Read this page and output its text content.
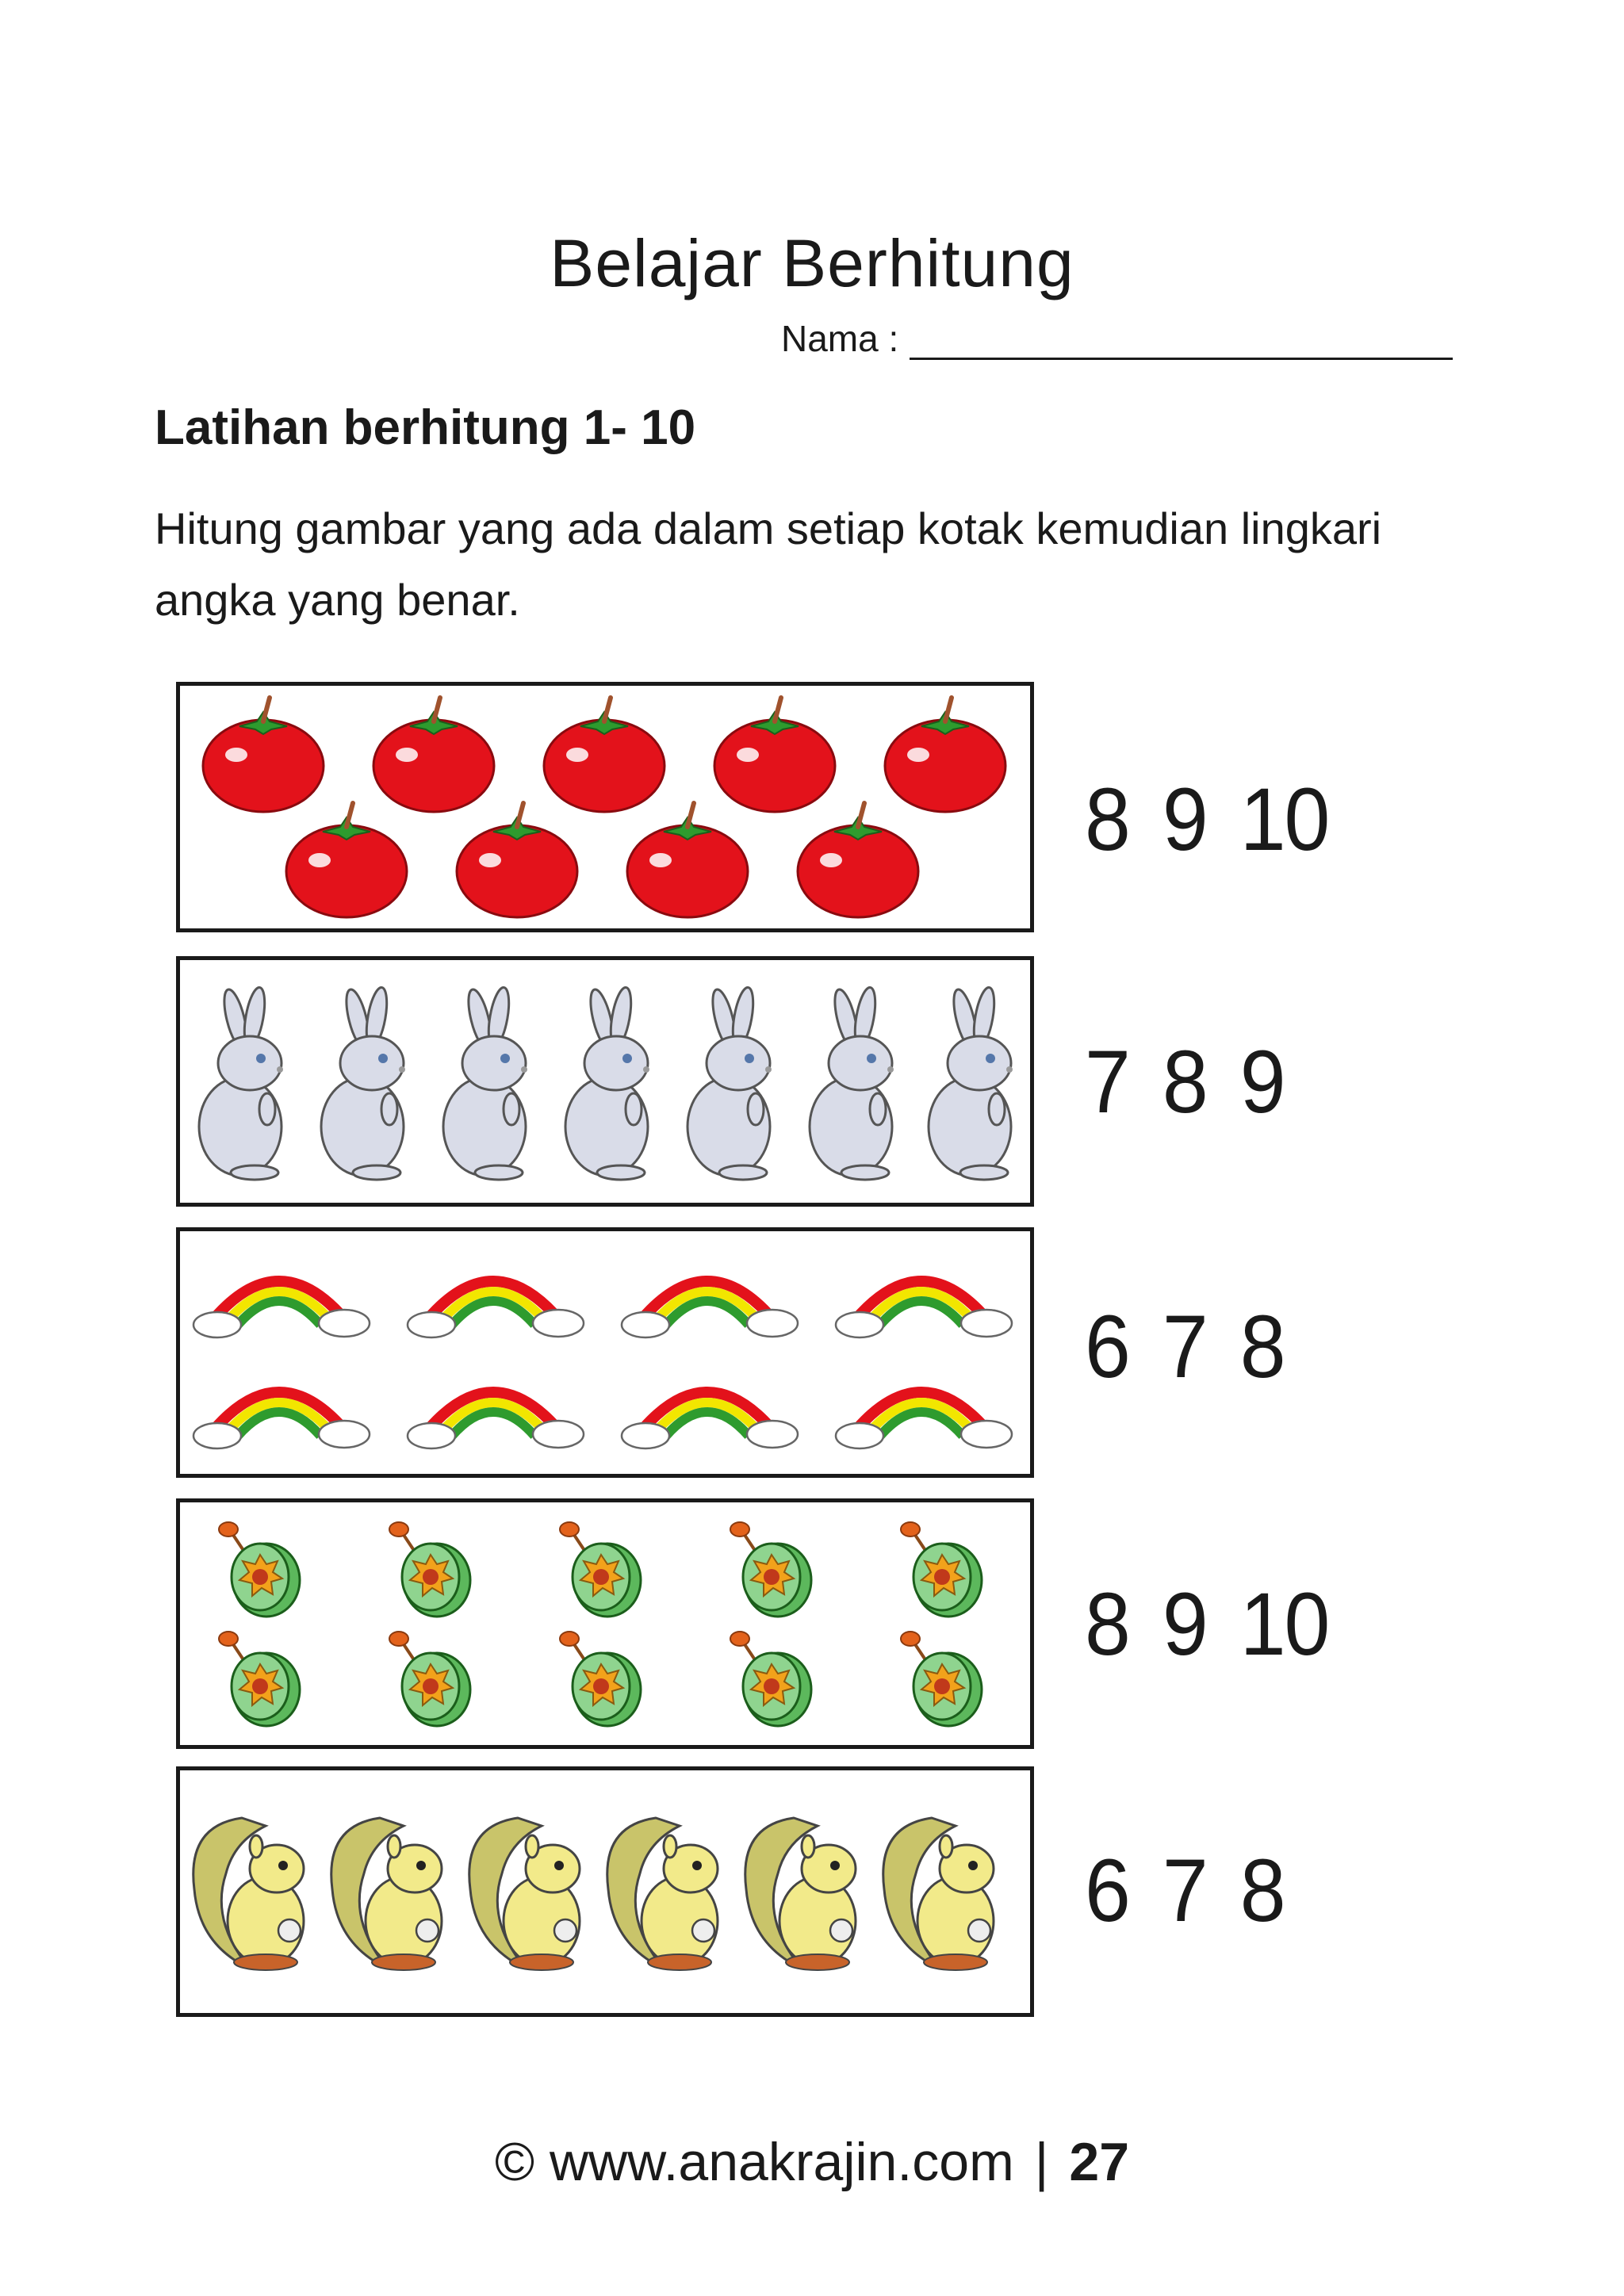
Belajar Berhitung
Nama :
Latihan berhitung 1- 10
Hitung gambar yang ada dalam setiap kotak kemudian lingkari angka yang benar.
8 9 10
7 8 9
6 7 8
8 9 10
6 7 8
© www.anakrajin.com | 27
